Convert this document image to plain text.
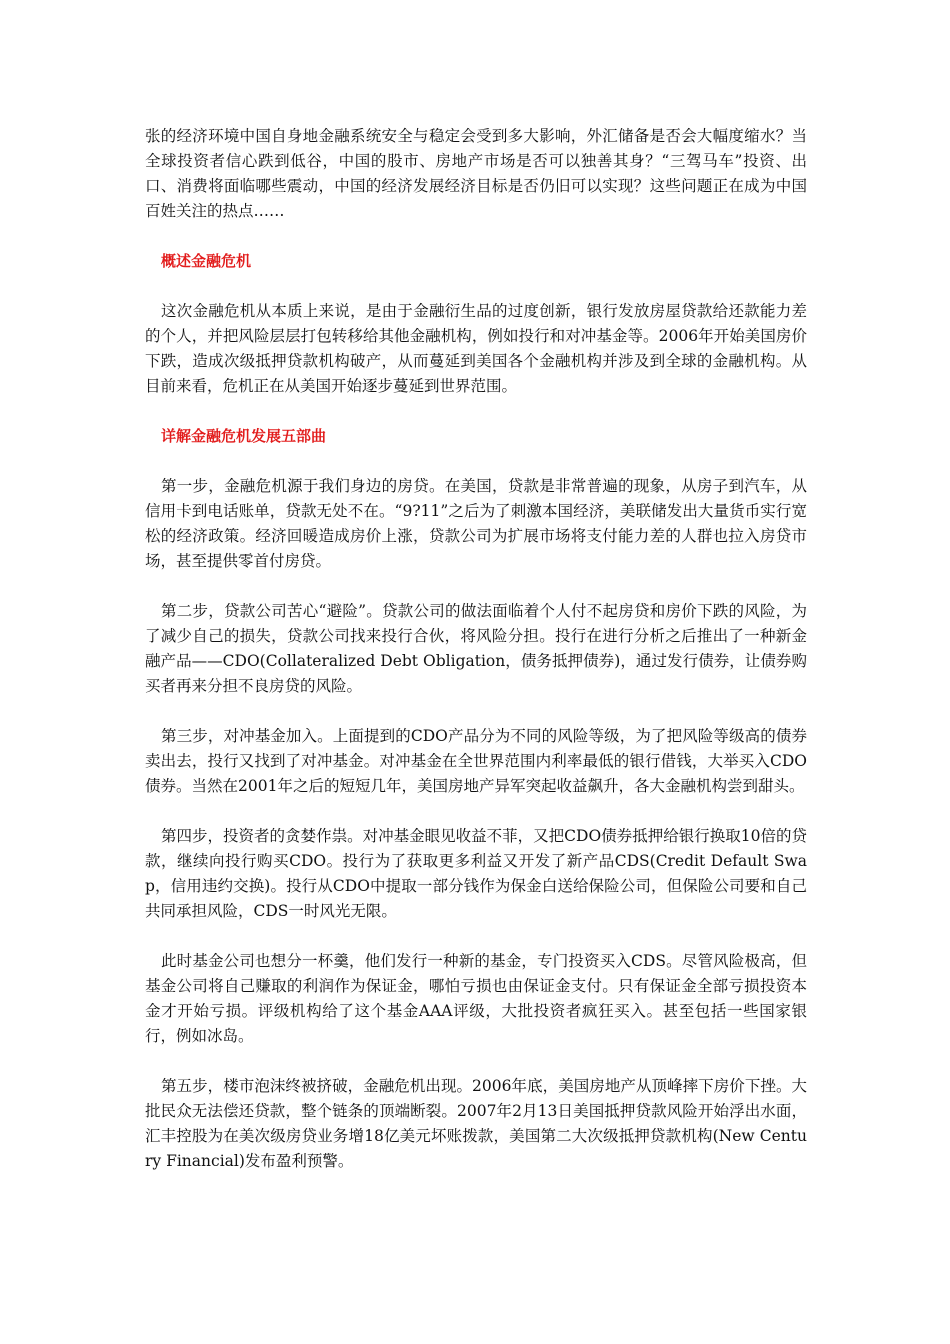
张的经济环境中国自身地金融系统安全与稳定会受到多大影响，外汇储备是否会大幅度缩水？当全球投资者信心跌到低谷，中国的股市、房地产市场是否可以独善其身？“三驾马车”投资、出口、消费将面临哪些震动，中国的经济发展经济目标是否仍旧可以实现？这些问题正在成为中国百姓关注的热点……

概述金融危机

这次金融危机从本质上来说，是由于金融衍生品的过度创新，银行发放房屋贷款给还款能力差的个人，并把风险层层打包转移给其他金融机构，例如投行和对冲基金等。2006年开始美国房价下跌，造成次级抵押贷款机构破产，从而蔓延到美国各个金融机构并涉及到全球的金融机构。从目前来看，危机正在从美国开始逐步蔓延到世界范围。

详解金融危机发展五部曲

第一步，金融危机源于我们身边的房贷。在美国，贷款是非常普遍的现象，从房子到汽车，从信用卡到电话账单，贷款无处不在。“9?11”之后为了刺激本国经济，美联储发出大量货币实行宽松的经济政策。经济回暖造成房价上涨，贷款公司为扩展市场将支付能力差的人群也拉入房贷市场，甚至提供零首付房贷。

第二步，贷款公司苦心“避险”。贷款公司的做法面临着个人付不起房贷和房价下跌的风险，为了减少自己的损失，贷款公司找来投行合伙，将风险分担。投行在进行分析之后推出了一种新金融产品——CDO(Collateralized Debt Obligation，债务抵押债券)，通过发行债券，让债券购买者再来分担不良房贷的风险。

第三步，对冲基金加入。上面提到的CDO产品分为不同的风险等级，为了把风险等级高的债券卖出去，投行又找到了对冲基金。对冲基金在全世界范围内利率最低的银行借钱，大举买入CDO债券。当然在2001年之后的短短几年，美国房地产异军突起收益飙升，各大金融机构尝到甜头。

第四步，投资者的贪婪作祟。对冲基金眼见收益不菲，又把CDO债券抵押给银行换取10倍的贷款，继续向投行购买CDO。投行为了获取更多利益又开发了新产品CDS(Credit Default Swap，信用违约交换)。投行从CDO中提取一部分钱作为保金白送给保险公司，但保险公司要和自己共同承担风险，CDS一时风光无限。

此时基金公司也想分一杯羹，他们发行一种新的基金，专门投资买入CDS。尽管风险极高，但基金公司将自己赚取的利润作为保证金，哪怕亏损也由保证金支付。只有保证金全部亏损投资本金才开始亏损。评级机构给了这个基金AAA评级，大批投资者疯狂买入。甚至包括一些国家银行，例如冰岛。

第五步，楼市泡沫终被挤破，金融危机出现。2006年底，美国房地产从顶峰摔下房价下挫。大批民众无法偿还贷款，整个链条的顶端断裂。2007年2月13日美国抵押贷款风险开始浮出水面，汇丰控股为在美次级房贷业务增18亿美元坏账拨款，美国第二大次级抵押贷款机构(New Century Financial)发布盈利预警。
